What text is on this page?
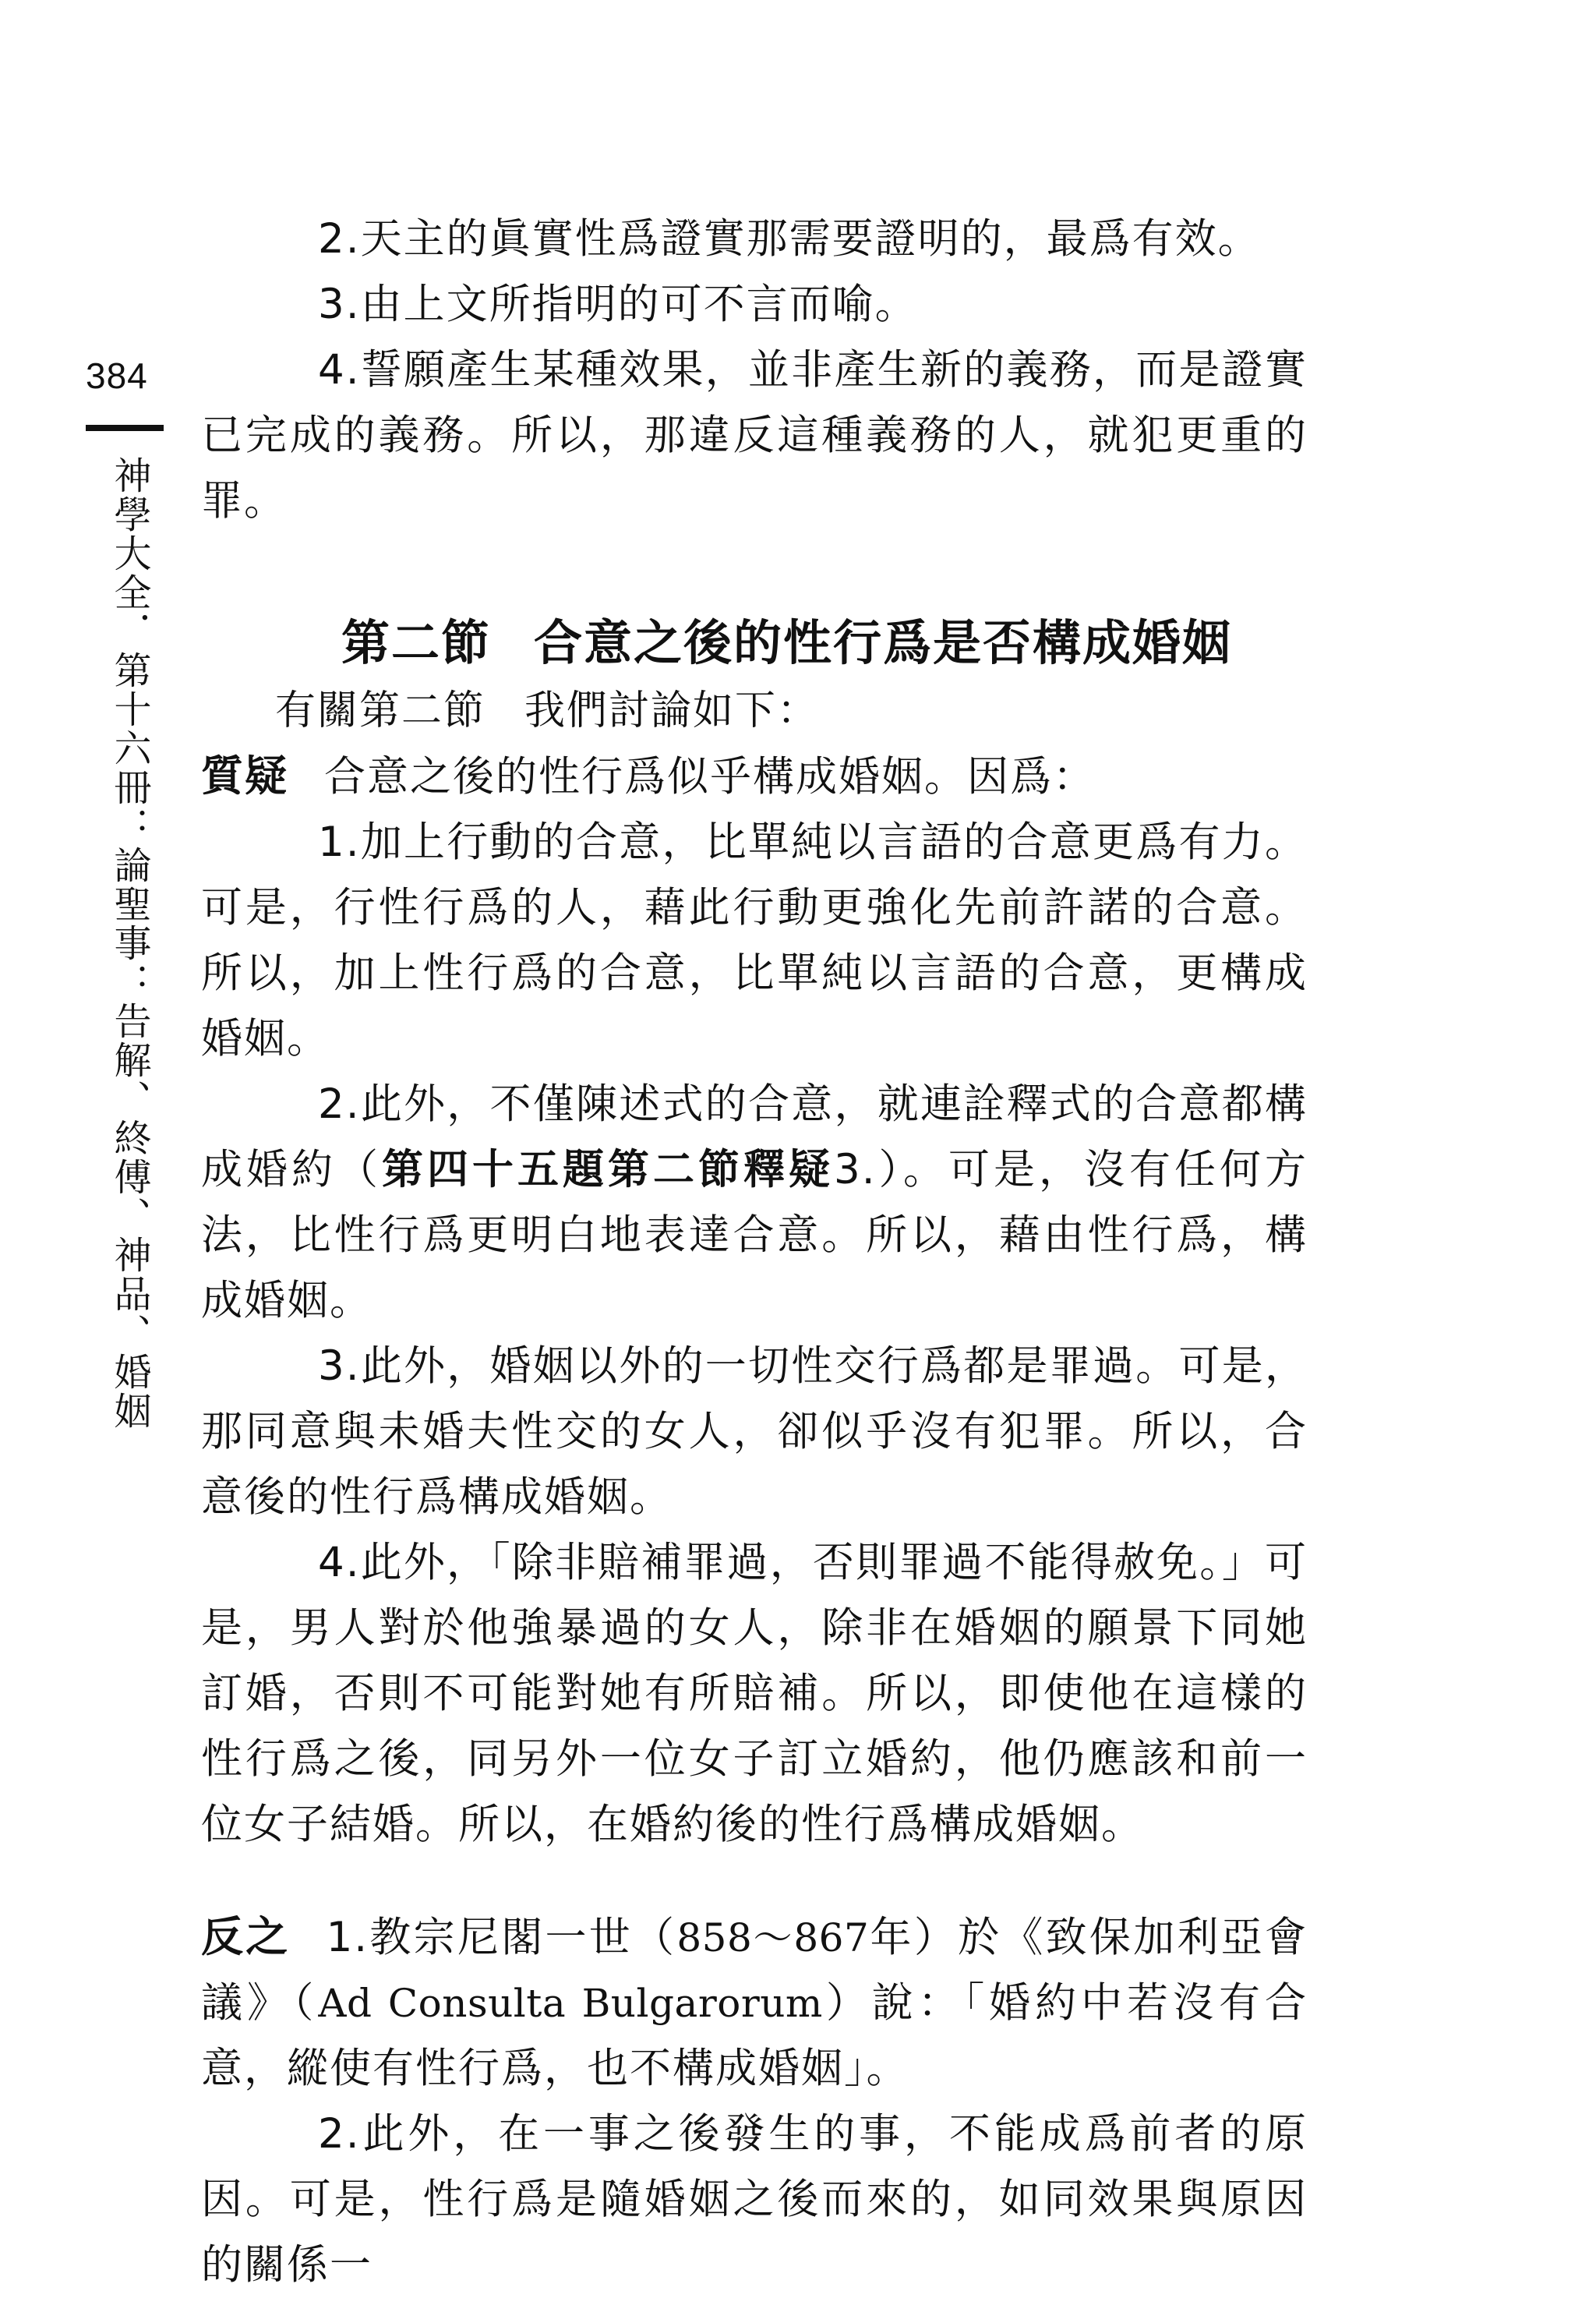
384
神學大全．第十六冊：論聖事：告解、終傅、神品、婚姻

2.天主的眞實性爲證實那需要證明的，最爲有效。

3.由上文所指明的可不言而喻。

4.誓願產生某種效果，並非產生新的義務，而是證實已完成的義務。所以，那違反這種義務的人，就犯更重的罪。

第二節 合意之後的性行爲是否構成婚姻

有關第二節 我們討論如下：

質疑 合意之後的性行爲似乎構成婚姻。因爲：

1.加上行動的合意，比單純以言語的合意更爲有力。可是，行性行爲的人，藉此行動更強化先前許諾的合意。所以，加上性行爲的合意，比單純以言語的合意，更構成婚姻。

2.此外，不僅陳述式的合意，就連詮釋式的合意都構成婚約（第四十五題第二節釋疑3.）。可是，沒有任何方法，比性行爲更明白地表達合意。所以，藉由性行爲，構成婚姻。

3.此外，婚姻以外的一切性交行爲都是罪過。可是，那同意與未婚夫性交的女人，卻似乎沒有犯罪。所以，合意後的性行爲構成婚姻。

4.此外，「除非賠補罪過，否則罪過不能得赦免。」可是，男人對於他強暴過的女人，除非在婚姻的願景下同她訂婚，否則不可能對她有所賠補。所以，即使他在這樣的性行爲之後，同另外一位女子訂立婚約，他仍應該和前一位女子結婚。所以，在婚約後的性行爲構成婚姻。

反之 1.教宗尼閣一世（858～867年）於《致保加利亞會議》（Ad Consulta Bulgarorum）說：「婚約中若沒有合意，縱使有性行爲，也不構成婚姻」。

2.此外，在一事之後發生的事，不能成爲前者的原因。可是，性行爲是隨婚姻之後而來的，如同效果與原因的關係一
